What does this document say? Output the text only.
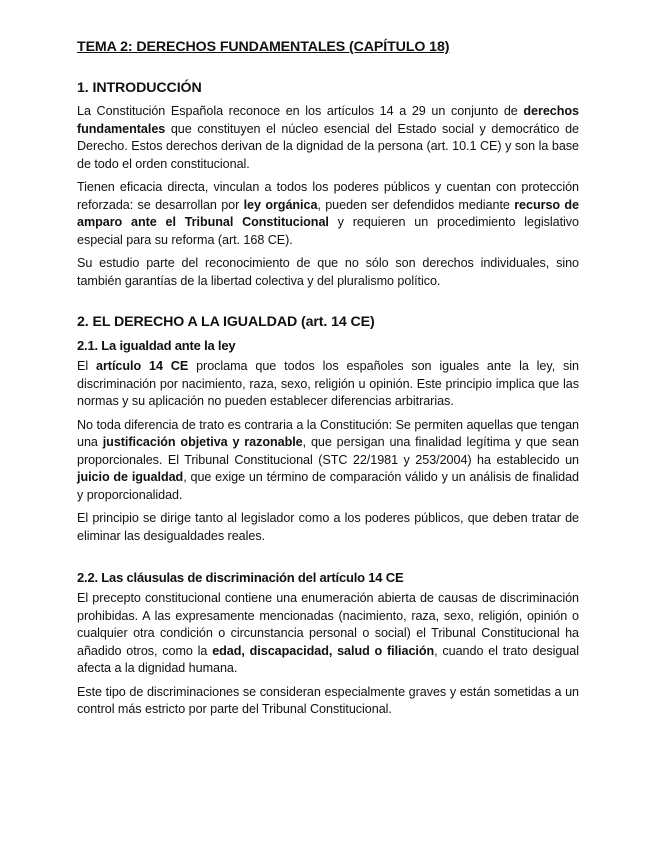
TEMA 2: DERECHOS FUNDAMENTALES (CAPÍTULO 18)
1. INTRODUCCIÓN

La Constitución Española reconoce en los artículos 14 a 29 un conjunto de derechos fundamentales que constituyen el núcleo esencial del Estado social y democrático de Derecho. Estos derechos derivan de la dignidad de la persona (art. 10.1 CE) y son la base de todo el orden constitucional.

Tienen eficacia directa, vinculan a todos los poderes públicos y cuentan con protección reforzada: se desarrollan por ley orgánica, pueden ser defendidos mediante recurso de amparo ante el Tribunal Constitucional y requieren un procedimiento legislativo especial para su reforma (art. 168 CE).

Su estudio parte del reconocimiento de que no sólo son derechos individuales, sino también garantías de la libertad colectiva y del pluralismo político.

2. EL DERECHO A LA IGUALDAD (art. 14 CE)
2.1. La igualdad ante la ley

El artículo 14 CE proclama que todos los españoles son iguales ante la ley, sin discriminación por nacimiento, raza, sexo, religión u opinión. Este principio implica que las normas y su aplicación no pueden establecer diferencias arbitrarias.

No toda diferencia de trato es contraria a la Constitución: Se permiten aquellas que tengan una justificación objetiva y razonable, que persigan una finalidad legítima y que sean proporcionales. El Tribunal Constitucional (STC 22/1981 y 253/2004) ha establecido un juicio de igualdad, que exige un término de comparación válido y un análisis de finalidad y proporcionalidad.

El principio se dirige tanto al legislador como a los poderes públicos, que deben tratar de eliminar las desigualdades reales.

2.2. Las cláusulas de discriminación del artículo 14 CE

El precepto constitucional contiene una enumeración abierta de causas de discriminación prohibidas. A las expresamente mencionadas (nacimiento, raza, sexo, religión, opinión o cualquier otra condición o circunstancia personal o social) el Tribunal Constitucional ha añadido otros, como la edad, discapacidad, salud o filiación, cuando el trato desigual afecta a la dignidad humana.

Este tipo de discriminaciones se consideran especialmente graves y están sometidas a un control más estricto por parte del Tribunal Constitucional.
